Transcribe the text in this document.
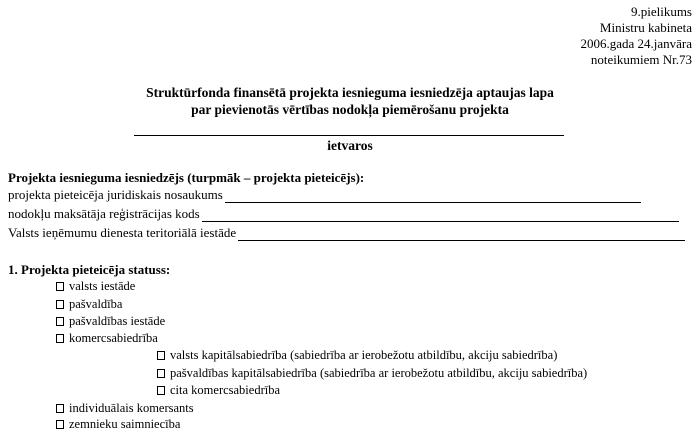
9.pielikums
Ministru kabineta
2006.gada 24.janvāra
noteikumiem Nr.73
Struktūrfonda finansētā projekta iesnieguma iesniedzēja aptaujas lapa
par pievienotās vērtības nodokļa piemērošanu projekta
ietvaros
Projekta iesnieguma iesniedzējs (turpmāk – projekta pieteicējs):
projekta pieteicēja juridiskais nosaukums
nodokļu maksātāja reģistrācijas kods
Valsts ieņēmumu dienesta teritoriālā iestāde
1. Projekta pieteicēja statuss:
valsts iestāde
pašvaldība
pašvaldības iestāde
komercsabiedrība
valsts kapitālsabiedrība (sabiedrība ar ierobežotu atbildību, akciju sabiedrība)
pašvaldības kapitālsabiedrība (sabiedrība ar ierobežotu atbildību, akciju sabiedrība)
cita komercsabiedrība
individuālais komersants
zemnieku saimniecība
